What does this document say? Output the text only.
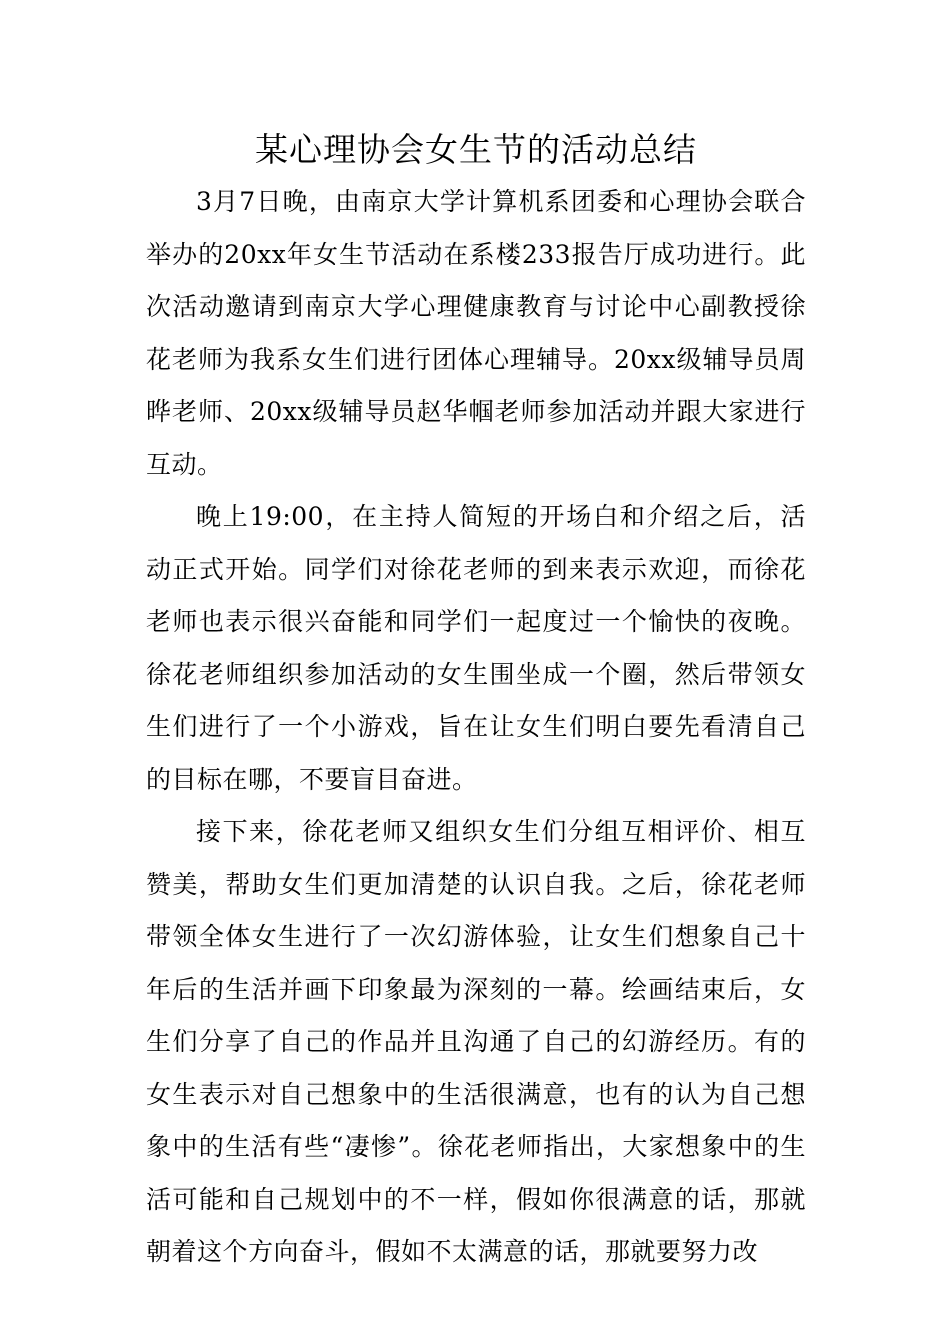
某心理协会女生节的活动总结

3月7日晚，由南京大学计算机系团委和心理协会联合举办的20xx年女生节活动在系楼233报告厅成功进行。此次活动邀请到南京大学心理健康教育与讨论中心副教授徐花老师为我系女生们进行团体心理辅导。20xx级辅导员周晔老师、20xx级辅导员赵华帼老师参加活动并跟大家进行互动。

晚上19:00，在主持人简短的开场白和介绍之后，活动正式开始。同学们对徐花老师的到来表示欢迎，而徐花老师也表示很兴奋能和同学们一起度过一个愉快的夜晚。徐花老师组织参加活动的女生围坐成一个圈，然后带领女生们进行了一个小游戏，旨在让女生们明白要先看清自己的目标在哪，不要盲目奋进。

接下来，徐花老师又组织女生们分组互相评价、相互赞美，帮助女生们更加清楚的认识自我。之后，徐花老师带领全体女生进行了一次幻游体验，让女生们想象自己十年后的生活并画下印象最为深刻的一幕。绘画结束后，女生们分享了自己的作品并且沟通了自己的幻游经历。有的女生表示对自己想象中的生活很满意，也有的认为自己想象中的生活有些“凄惨”。徐花老师指出，大家想象中的生活可能和自己规划中的不一样，假如你很满意的话，那就朝着这个方向奋斗，假如不太满意的话，那就要努力改
